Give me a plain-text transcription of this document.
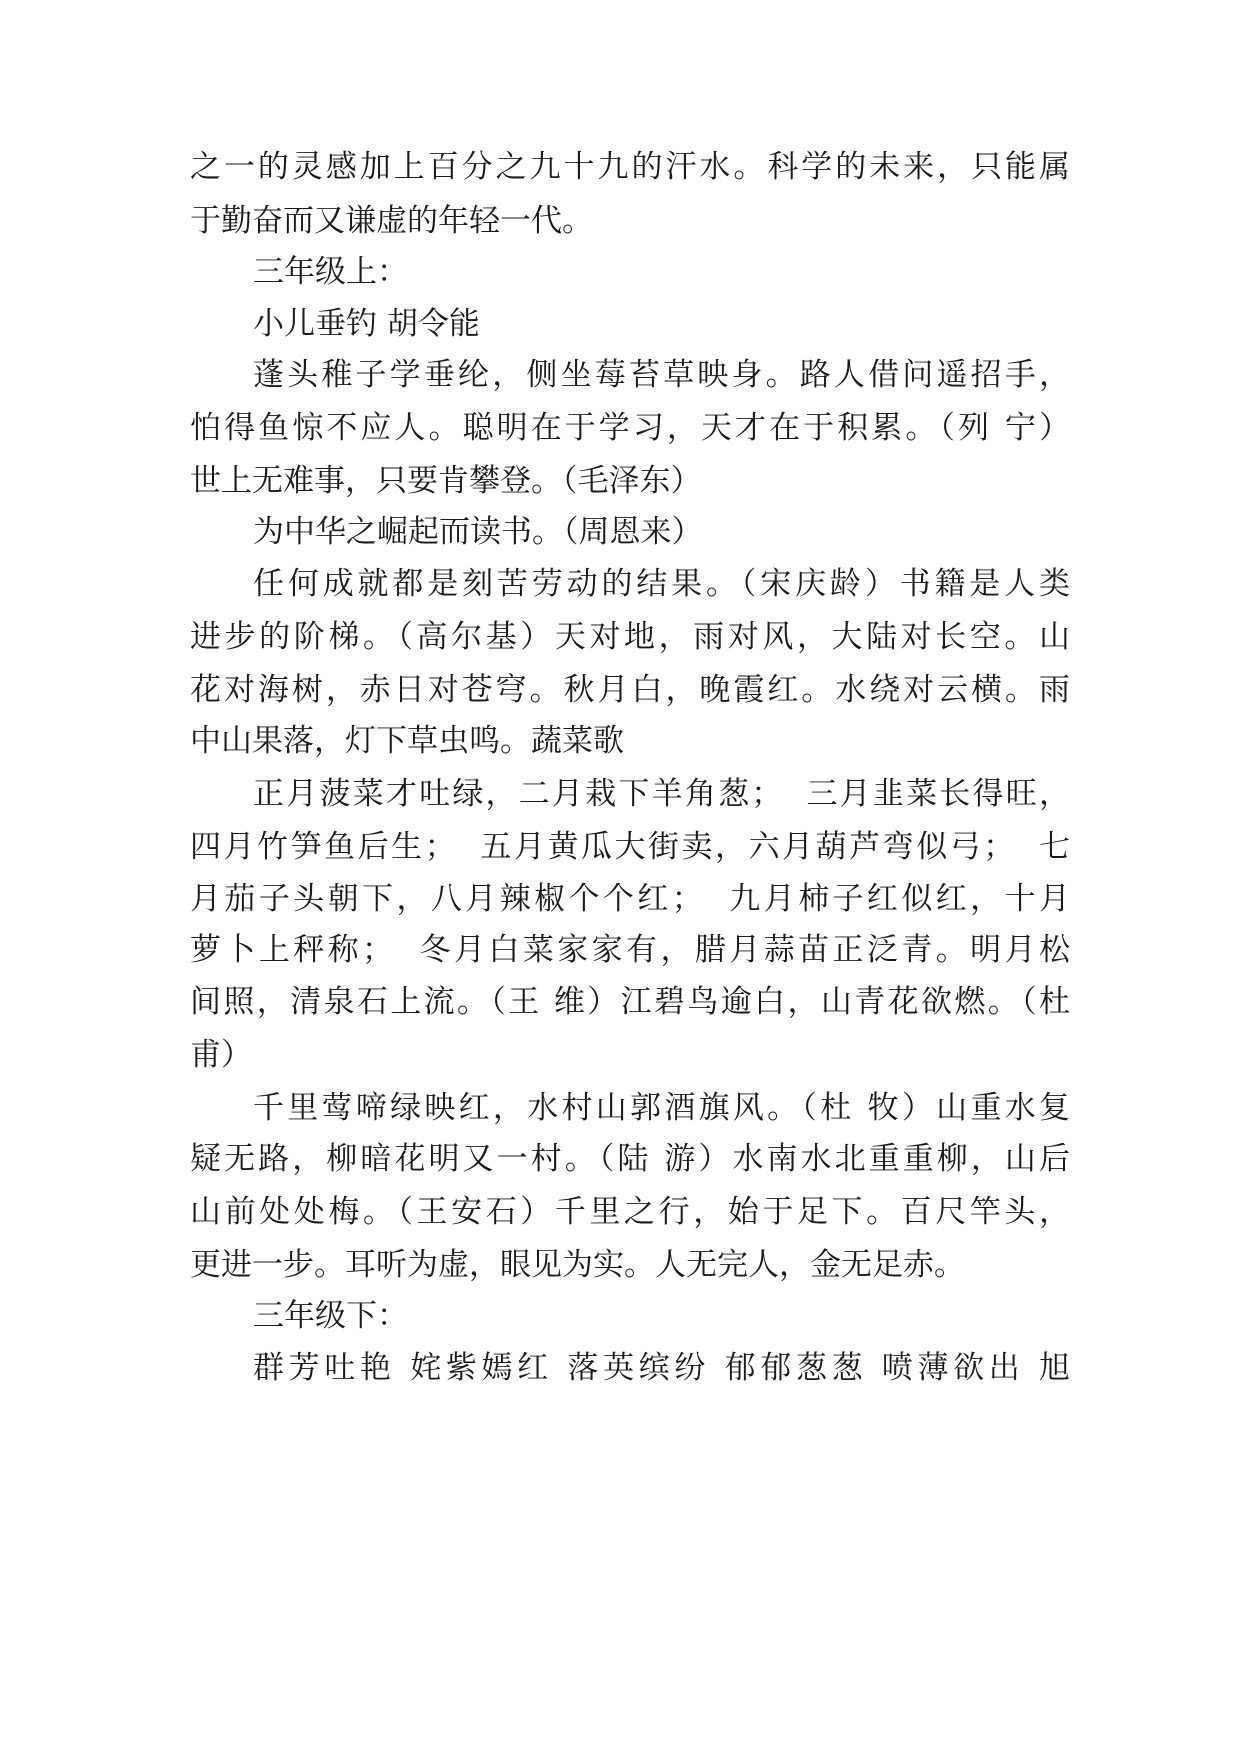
之一的灵感加上百分之九十九的汗水。科学的未来，只能属
于勤奋而又谦虚的年轻一代。
三年级上：
小儿垂钓 胡令能
蓬头稚子学垂纶，侧坐莓苔草映身。路人借问遥招手，
怕得鱼惊不应人。聪明在于学习，天才在于积累。（列 宁）
世上无难事，只要肯攀登。（毛泽东）
为中华之崛起而读书。（周恩来）
任何成就都是刻苦劳动的结果。（宋庆龄）书籍是人类
进步的阶梯。（高尔基）天对地，雨对风，大陆对长空。山
花对海树，赤日对苍穹。秋月白，晚霞红。水绕对云横。雨
中山果落，灯下草虫鸣。蔬菜歌
正月菠菜才吐绿，二月栽下羊角葱；  三月韭菜长得旺，
四月竹笋鱼后生；  五月黄瓜大街卖，六月葫芦弯似弓；  七
月茄子头朝下，八月辣椒个个红；  九月柿子红似红，十月
萝卜上秤称；  冬月白菜家家有，腊月蒜苗正泛青。明月松
间照，清泉石上流。（王 维）江碧鸟逾白，山青花欲燃。（杜
甫）
千里莺啼绿映红，水村山郭酒旗风。（杜 牧）山重水复
疑无路，柳暗花明又一村。（陆 游）水南水北重重柳，山后
山前处处梅。（王安石）千里之行，始于足下。百尺竿头，
更进一步。耳听为虚，眼见为实。人无完人，金无足赤。
三年级下：
群芳吐艳 姹紫嫣红 落英缤纷 郁郁葱葱 喷薄欲出 旭
